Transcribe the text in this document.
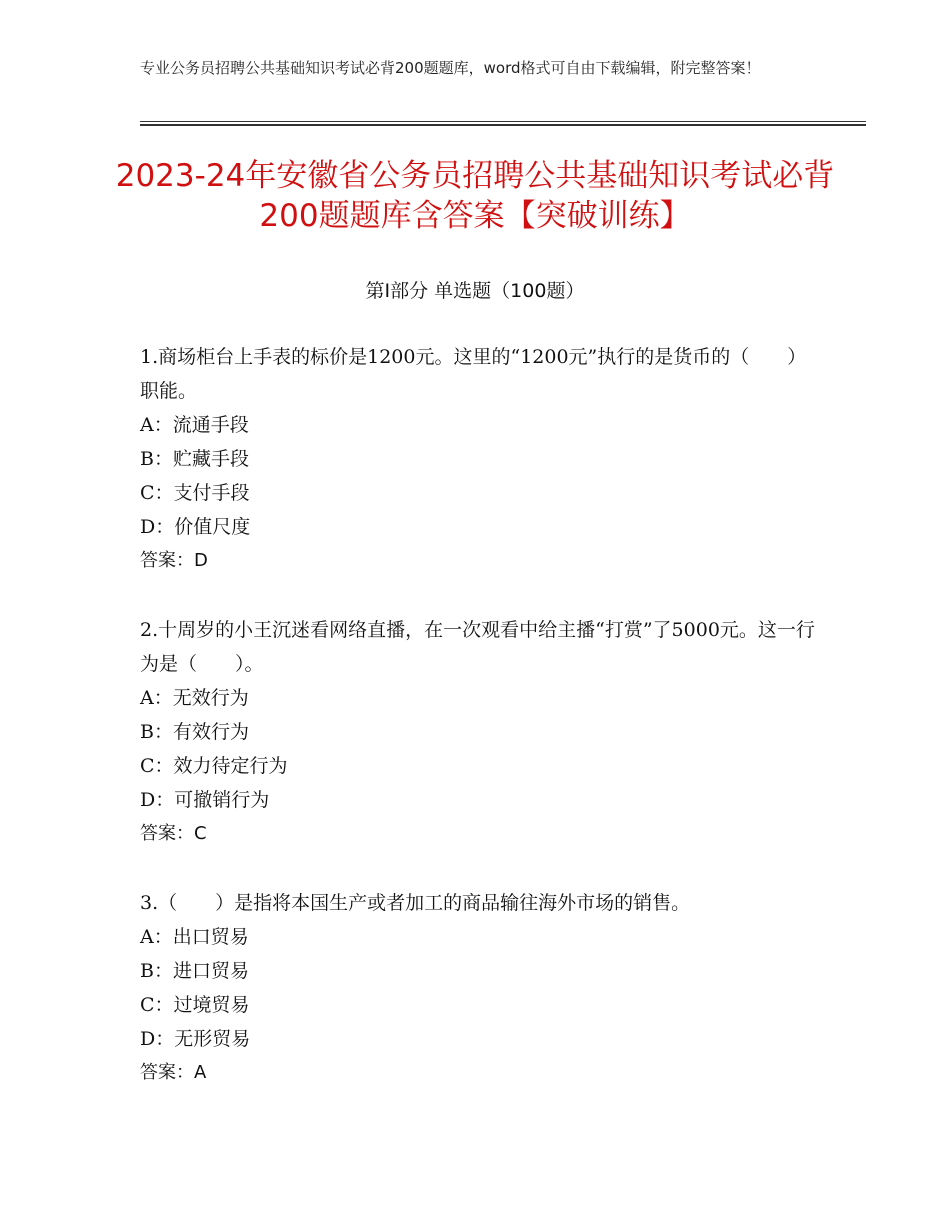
专业公务员招聘公共基础知识考试必背200题题库，word格式可自由下载编辑，附完整答案！
2023-24年安徽省公务员招聘公共基础知识考试必背200题题库含答案【突破训练】
第Ⅰ部分 单选题（100题）

1.商场柜台上手表的标价是1200元。这里的“1200元”执行的是货币的（　　）职能。

A：流通手段

B：贮藏手段

C：支付手段

D：价值尺度

答案：D

2.十周岁的小王沉迷看网络直播，在一次观看中给主播“打赏”了5000元。这一行为是（　　）。

A：无效行为

B：有效行为

C：效力待定行为

D：可撤销行为

答案：C

3.（　　）是指将本国生产或者加工的商品输往海外市场的销售。

A：出口贸易

B：进口贸易

C：过境贸易

D：无形贸易

答案：A
